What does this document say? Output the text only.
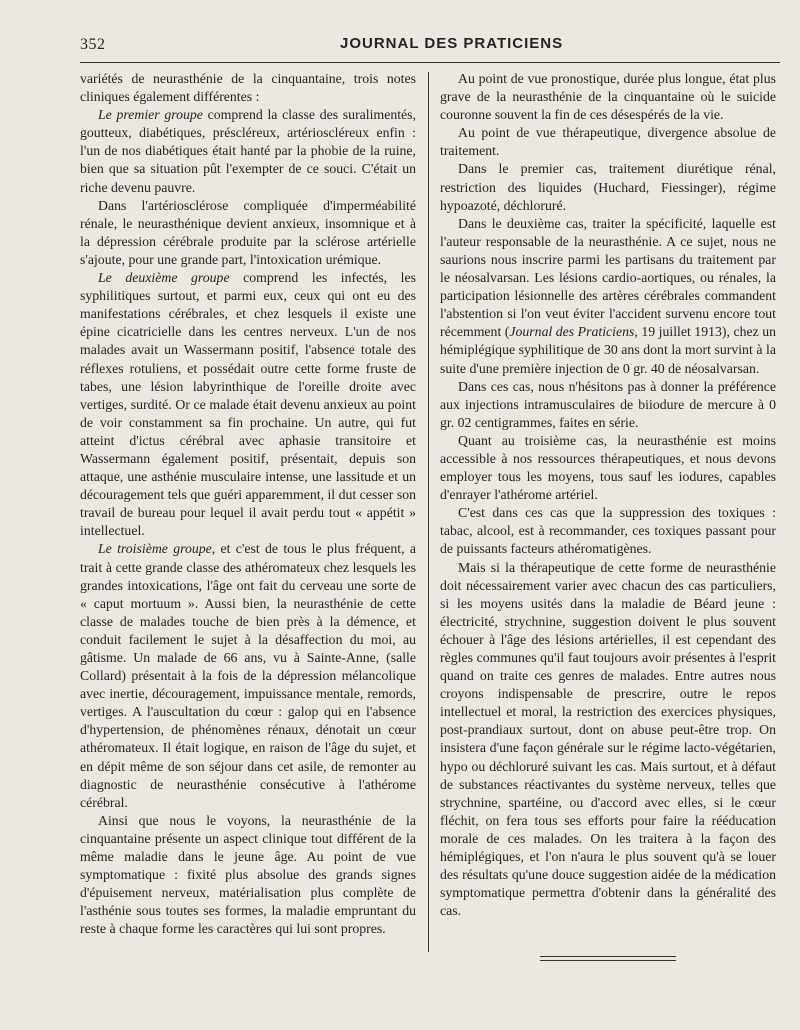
352	JOURNAL DES PRATICIENS

variétés de neurasthénie de la cinquantaine, trois notes cliniques également différentes :

Le premier groupe comprend la classe des suralimentés, goutteux, diabétiques, préscléreux, artérioscléreux enfin : l'un de nos diabétiques était hanté par la phobie de la ruine, bien que sa situation pût l'exempter de ce souci. C'était un riche devenu pauvre.

Dans l'artériosclérose compliquée d'imperméabilité rénale, le neurasthénique devient anxieux, insomnique et à la dépression cérébrale produite par la sclérose artérielle s'ajoute, pour une grande part, l'intoxication urémique.

Le deuxième groupe comprend les infectés, les syphilitiques surtout, et parmi eux, ceux qui ont eu des manifestations cérébrales, et chez lesquels il existe une épine cicatricielle dans les centres nerveux. L'un de nos malades avait un Wassermann positif, l'absence totale des réflexes rotuliens, et possédait outre cette forme fruste de tabes, une lésion labyrinthique de l'oreille droite avec vertiges, surdité. Or ce malade était devenu anxieux au point de voir constamment sa fin prochaine. Un autre, qui fut atteint d'ictus cérébral avec aphasie transitoire et Wassermann également positif, présentait, depuis son attaque, une asthénie musculaire intense, une lassitude et un découragement tels que guéri apparemment, il dut cesser son travail de bureau pour lequel il avait perdu tout « appétit » intellectuel.

Le troisième groupe, et c'est de tous le plus fréquent, a trait à cette grande classe des athéromateux chez lesquels les grandes intoxications, l'âge ont fait du cerveau une sorte de « caput mortuum ». Aussi bien, la neurasthénie de cette classe de malades touche de bien près à la démence, et conduit facilement le sujet à la désaffection du moi, au gâtisme. Un malade de 66 ans, vu à Sainte-Anne, (salle Collard) présentait à la fois de la dépression mélancolique avec inertie, découragement, impuissance mentale, remords, vertiges. A l'auscultation du cœur : galop qui en l'absence d'hypertension, de phénomènes rénaux, dénotait un cœur athéromateux. Il était logique, en raison de l'âge du sujet, et en dépit même de son séjour dans cet asile, de remonter au diagnostic de neurasthénie consécutive à l'athérome cérébral.

Ainsi que nous le voyons, la neurasthénie de la cinquantaine présente un aspect clinique tout différent de la même maladie dans le jeune âge. Au point de vue symptomatique : fixité plus absolue des grands signes d'épuisement nerveux, matérialisation plus complète de l'asthénie sous toutes ses formes, la maladie empruntant du reste à chaque forme les caractères qui lui sont propres.

Au point de vue pronostique, durée plus longue, état plus grave de la neurasthénie de la cinquantaine où le suicide couronne souvent la fin de ces désespérés de la vie.

Au point de vue thérapeutique, divergence absolue de traitement.

Dans le premier cas, traitement diurétique rénal, restriction des liquides (Huchard, Fiessinger), régime hypoazoté, déchloruré.

Dans le deuxième cas, traiter la spécificité, laquelle est l'auteur responsable de la neurasthénie. A ce sujet, nous ne saurions nous inscrire parmi les partisans du traitement par le néosalvarsan. Les lésions cardio-aortiques, ou rénales, la participation lésionnelle des artères cérébrales commandent l'abstention si l'on veut éviter l'accident survenu encore tout récemment (Journal des Praticiens, 19 juillet 1913), chez un hémiplégique syphilitique de 30 ans dont la mort survint à la suite d'une première injection de 0 gr. 40 de néosalvarsan.

Dans ces cas, nous n'hésitons pas à donner la préférence aux injections intramusculaires de biiodure de mercure à 0 gr. 02 centigrammes, faites en série.

Quant au troisième cas, la neurasthénie est moins accessible à nos ressources thérapeutiques, et nous devons employer tous les moyens, tous sauf les iodures, capables d'enrayer l'athérome artériel.

C'est dans ces cas que la suppression des toxiques : tabac, alcool, est à recommander, ces toxiques passant pour de puissants facteurs athéromatigènes.

Mais si la thérapeutique de cette forme de neurasthénie doit nécessairement varier avec chacun des cas particuliers, si les moyens usités dans la maladie de Béard jeune : électricité, strychnine, suggestion doivent le plus souvent échouer à l'âge des lésions artérielles, il est cependant des règles communes qu'il faut toujours avoir présentes à l'esprit quand on traite ces genres de malades. Entre autres nous croyons indispensable de prescrire, outre le repos intellectuel et moral, la restriction des exercices physiques, post-prandiaux surtout, dont on abuse peut-être trop. On insistera d'une façon générale sur le régime lacto-végétarien, hypo ou déchloruré suivant les cas. Mais surtout, et à défaut de substances réactivantes du système nerveux, telles que strychnine, spartéine, ou d'accord avec elles, si le cœur fléchit, on fera tous ses efforts pour faire la rééducation morale de ces malades. On les traitera à la façon des hémiplégiques, et l'on n'aura le plus souvent qu'à se louer des résultats qu'une douce suggestion aidée de la médication symptomatique permettra d'obtenir dans la généralité des cas.
